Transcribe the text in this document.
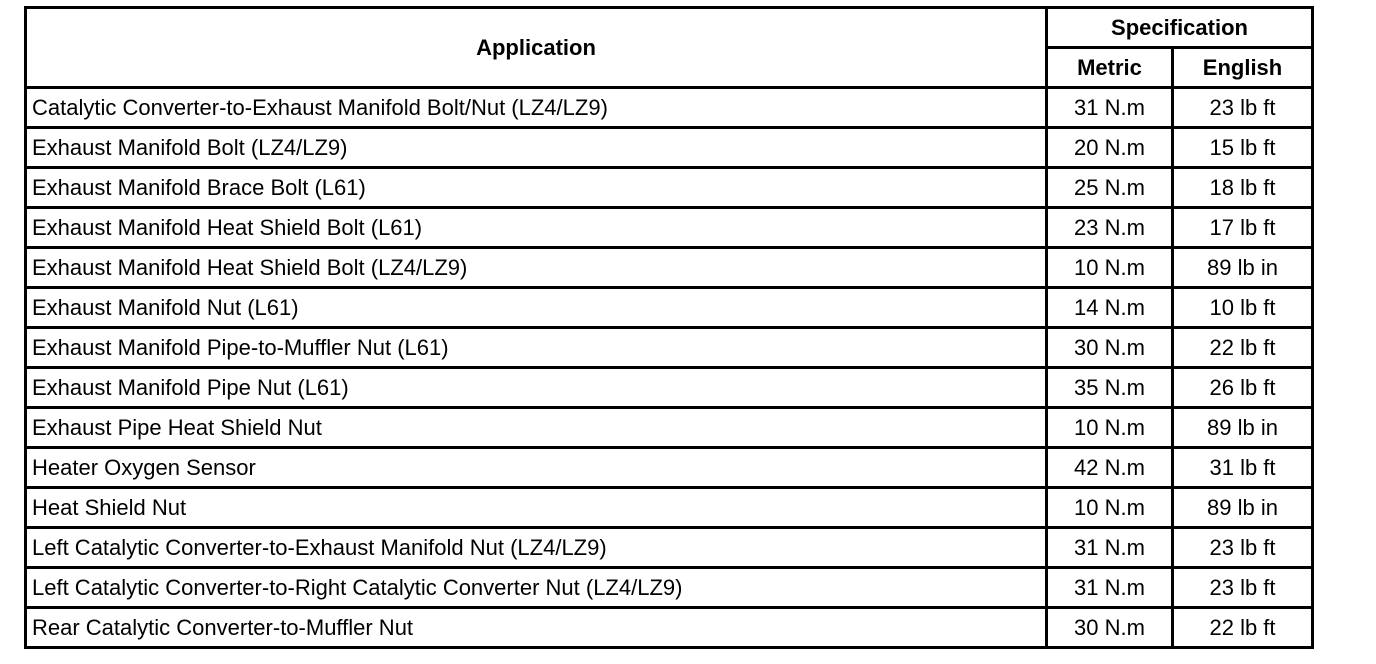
Application	Specification	
	Metric	English
Catalytic Converter-to-Exhaust Manifold Bolt/Nut (LZ4/LZ9)	31 N.m	23 lb ft
Exhaust Manifold Bolt (LZ4/LZ9)	20 N.m	15 lb ft
Exhaust Manifold Brace Bolt (L61)	25 N.m	18 lb ft
Exhaust Manifold Heat Shield Bolt (L61)	23 N.m	17 lb ft
Exhaust Manifold Heat Shield Bolt (LZ4/LZ9)	10 N.m	89 lb in
Exhaust Manifold Nut (L61)	14 N.m	10 lb ft
Exhaust Manifold Pipe-to-Muffler Nut (L61)	30 N.m	22 lb ft
Exhaust Manifold Pipe Nut (L61)	35 N.m	26 lb ft
Exhaust Pipe Heat Shield Nut	10 N.m	89 lb in
Heater Oxygen Sensor	42 N.m	31 lb ft
Heat Shield Nut	10 N.m	89 lb in
Left Catalytic Converter-to-Exhaust Manifold Nut (LZ4/LZ9)	31 N.m	23 lb ft
Left Catalytic Converter-to-Right Catalytic Converter Nut (LZ4/LZ9)	31 N.m	23 lb ft
Rear Catalytic Converter-to-Muffler Nut	30 N.m	22 lb ft
